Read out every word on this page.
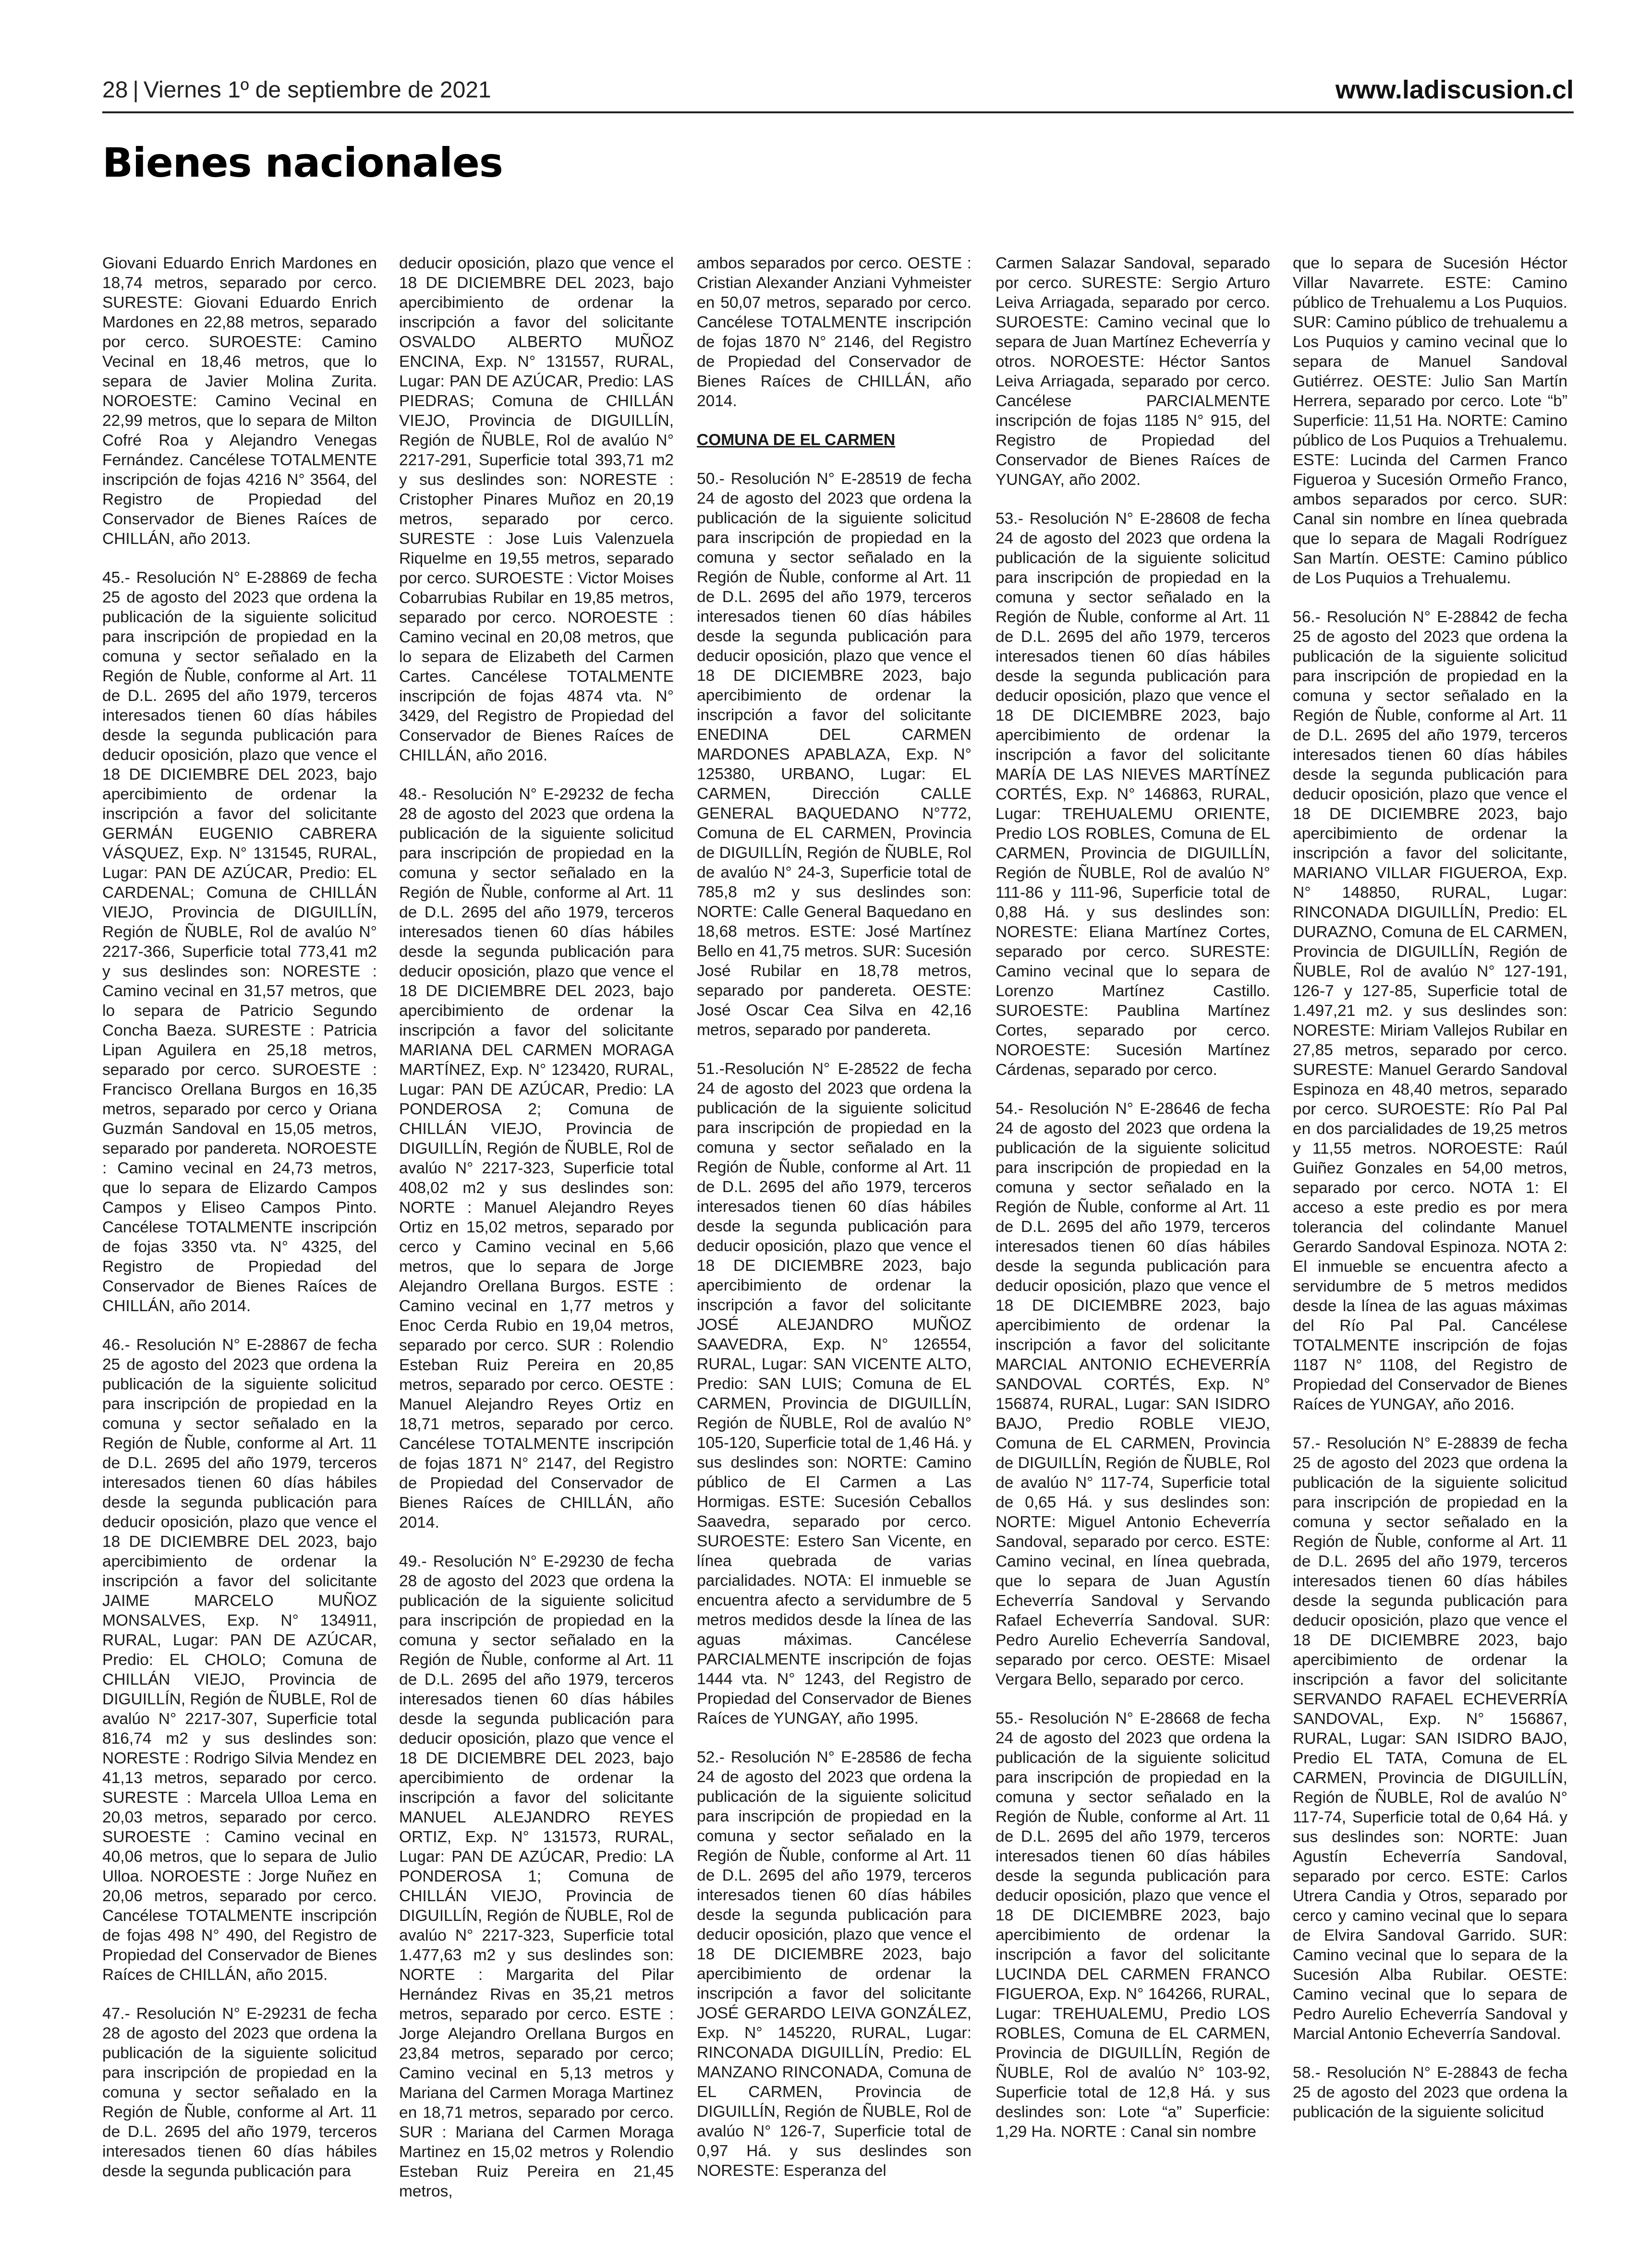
28 | Viernes 1º de septiembre de 2021	www.ladiscusion.cl
Bienes nacionales

Giovani Eduardo Enrich Mardones en 18,74 metros, separado por cerco. SURESTE: Giovani Eduardo Enrich Mardones en 22,88 metros, separado por cerco. SUROESTE: Camino Vecinal en 18,46 metros, que lo separa de Javier Molina Zurita. NOROESTE: Camino Vecinal en 22,99 metros, que lo separa de Milton Cofré Roa y Alejandro Venegas Fernández. Cancélese TOTALMENTE inscripción de fojas 4216 N° 3564, del Registro de Propiedad del Conservador de Bienes Raíces de CHILLÁN, año 2013.

45.- Resolución N° E-28869 de fecha 25 de agosto del 2023 que ordena la publicación de la siguiente solicitud para inscripción de propiedad en la comuna y sector señalado en la Región de Ñuble, conforme al Art. 11 de D.L. 2695 del año 1979, terceros interesados tienen 60 días hábiles desde la segunda publicación para deducir oposición, plazo que vence el 18 DE DICIEMBRE DEL 2023, bajo apercibimiento de ordenar la inscripción a favor del solicitante GERMÁN EUGENIO CABRERA VÁSQUEZ, Exp. N° 131545, RURAL, Lugar: PAN DE AZÚCAR, Predio: EL CARDENAL; Comuna de CHILLÁN VIEJO, Provincia de DIGUILLÍN, Región de ÑUBLE, Rol de avalúo N° 2217-366, Superficie total 773,41 m2 y sus deslindes son: NORESTE : Camino vecinal en 31,57 metros, que lo separa de Patricio Segundo Concha Baeza. SURESTE : Patricia Lipan Aguilera en 25,18 metros, separado por cerco. SUROESTE : Francisco Orellana Burgos en 16,35 metros, separado por cerco y Oriana Guzmán Sandoval en 15,05 metros, separado por pandereta. NOROESTE : Camino vecinal en 24,73 metros, que lo separa de Elizardo Campos Campos y Eliseo Campos Pinto. Cancélese TOTALMENTE inscripción de fojas 3350 vta. N° 4325, del Registro de Propiedad del Conservador de Bienes Raíces de CHILLÁN, año 2014.

46.- Resolución N° E-28867 de fecha 25 de agosto del 2023 que ordena la publicación de la siguiente solicitud para inscripción de propiedad en la comuna y sector señalado en la Región de Ñuble, conforme al Art. 11 de D.L. 2695 del año 1979, terceros interesados tienen 60 días hábiles desde la segunda publicación para deducir oposición, plazo que vence el 18 DE DICIEMBRE DEL 2023, bajo apercibimiento de ordenar la inscripción a favor del solicitante JAIME MARCELO MUÑOZ MONSALVES, Exp. N° 134911, RURAL, Lugar: PAN DE AZÚCAR, Predio: EL CHOLO; Comuna de CHILLÁN VIEJO, Provincia de DIGUILLÍN, Región de ÑUBLE, Rol de avalúo N° 2217-307, Superficie total 816,74 m2 y sus deslindes son: NORESTE : Rodrigo Silvia Mendez en 41,13 metros, separado por cerco. SURESTE : Marcela Ulloa Lema en 20,03 metros, separado por cerco. SUROESTE : Camino vecinal en 40,06 metros, que lo separa de Julio Ulloa. NOROESTE : Jorge Nuñez en 20,06 metros, separado por cerco. Cancélese TOTALMENTE inscripción de fojas 498 N° 490, del Registro de Propiedad del Conservador de Bienes Raíces de CHILLÁN, año 2015.

47.- Resolución N° E-29231 de fecha 28 de agosto del 2023 que ordena la publicación de la siguiente solicitud para inscripción de propiedad en la comuna y sector señalado en la Región de Ñuble, conforme al Art. 11 de D.L. 2695 del año 1979, terceros interesados tienen 60 días hábiles desde la segunda publicación para

deducir oposición, plazo que vence el 18 DE DICIEMBRE DEL 2023, bajo apercibimiento de ordenar la inscripción a favor del solicitante OSVALDO ALBERTO MUÑOZ ENCINA, Exp. N° 131557, RURAL, Lugar: PAN DE AZÚCAR, Predio: LAS PIEDRAS; Comuna de CHILLÁN VIEJO, Provincia de DIGUILLÍN, Región de ÑUBLE, Rol de avalúo N° 2217-291, Superficie total 393,71 m2 y sus deslindes son: NORESTE : Cristopher Pinares Muñoz en 20,19 metros, separado por cerco. SURESTE : Jose Luis Valenzuela Riquelme en 19,55 metros, separado por cerco. SUROESTE : Victor Moises Cobarrubias Rubilar en 19,85 metros, separado por cerco. NOROESTE : Camino vecinal en 20,08 metros, que lo separa de Elizabeth del Carmen Cartes. Cancélese TOTALMENTE inscripción de fojas 4874 vta. N° 3429, del Registro de Propiedad del Conservador de Bienes Raíces de CHILLÁN, año 2016.

48.- Resolución N° E-29232 de fecha 28 de agosto del 2023 que ordena la publicación de la siguiente solicitud para inscripción de propiedad en la comuna y sector señalado en la Región de Ñuble, conforme al Art. 11 de D.L. 2695 del año 1979, terceros interesados tienen 60 días hábiles desde la segunda publicación para deducir oposición, plazo que vence el 18 DE DICIEMBRE DEL 2023, bajo apercibimiento de ordenar la inscripción a favor del solicitante MARIANA DEL CARMEN MORAGA MARTÍNEZ, Exp. N° 123420, RURAL, Lugar: PAN DE AZÚCAR, Predio: LA PONDEROSA 2; Comuna de CHILLÁN VIEJO, Provincia de DIGUILLÍN, Región de ÑUBLE, Rol de avalúo N° 2217-323, Superficie total 408,02 m2 y sus deslindes son: NORTE : Manuel Alejandro Reyes Ortiz en 15,02 metros, separado por cerco y Camino vecinal en 5,66 metros, que lo separa de Jorge Alejandro Orellana Burgos. ESTE : Camino vecinal en 1,77 metros y Enoc Cerda Rubio en 19,04 metros, separado por cerco. SUR : Rolendio Esteban Ruiz Pereira en 20,85 metros, separado por cerco. OESTE : Manuel Alejandro Reyes Ortiz en 18,71 metros, separado por cerco. Cancélese TOTALMENTE inscripción de fojas 1871 N° 2147, del Registro de Propiedad del Conservador de Bienes Raíces de CHILLÁN, año 2014.

49.- Resolución N° E-29230 de fecha 28 de agosto del 2023 que ordena la publicación de la siguiente solicitud para inscripción de propiedad en la comuna y sector señalado en la Región de Ñuble, conforme al Art. 11 de D.L. 2695 del año 1979, terceros interesados tienen 60 días hábiles desde la segunda publicación para deducir oposición, plazo que vence el 18 DE DICIEMBRE DEL 2023, bajo apercibimiento de ordenar la inscripción a favor del solicitante MANUEL ALEJANDRO REYES ORTIZ, Exp. N° 131573, RURAL, Lugar: PAN DE AZÚCAR, Predio: LA PONDEROSA 1; Comuna de CHILLÁN VIEJO, Provincia de DIGUILLÍN, Región de ÑUBLE, Rol de avalúo N° 2217-323, Superficie total 1.477,63 m2 y sus deslindes son: NORTE : Margarita del Pilar Hernández Rivas en 35,21 metros metros, separado por cerco. ESTE : Jorge Alejandro Orellana Burgos en 23,84 metros, separado por cerco; Camino vecinal en 5,13 metros y Mariana del Carmen Moraga Martinez en 18,71 metros, separado por cerco. SUR : Mariana del Carmen Moraga Martinez en 15,02 metros y Rolendio Esteban Ruiz Pereira en 21,45 metros,

ambos separados por cerco. OESTE : Cristian Alexander Anziani Vyhmeister en 50,07 metros, separado por cerco. Cancélese TOTALMENTE inscripción de fojas 1870 N° 2146, del Registro de Propiedad del Conservador de Bienes Raíces de CHILLÁN, año 2014.

COMUNA DE EL CARMEN

50.- Resolución N° E-28519 de fecha 24 de agosto del 2023 que ordena la publicación de la siguiente solicitud para inscripción de propiedad en la comuna y sector señalado en la Región de Ñuble, conforme al Art. 11 de D.L. 2695 del año 1979, terceros interesados tienen 60 días hábiles desde la segunda publicación para deducir oposición, plazo que vence el 18 DE DICIEMBRE 2023, bajo apercibimiento de ordenar la inscripción a favor del solicitante ENEDINA DEL CARMEN MARDONES APABLAZA, Exp. N° 125380, URBANO, Lugar: EL CARMEN, Dirección CALLE GENERAL BAQUEDANO N°772, Comuna de EL CARMEN, Provincia de DIGUILLÍN, Región de ÑUBLE, Rol de avalúo N° 24-3, Superficie total de 785,8 m2 y sus deslindes son: NORTE: Calle General Baquedano en 18,68 metros. ESTE: José Martínez Bello en 41,75 metros. SUR: Sucesión José Rubilar en 18,78 metros, separado por pandereta. OESTE: José Oscar Cea Silva en 42,16 metros, separado por pandereta.

51.-Resolución N° E-28522 de fecha 24 de agosto del 2023 que ordena la publicación de la siguiente solicitud para inscripción de propiedad en la comuna y sector señalado en la Región de Ñuble, conforme al Art. 11 de D.L. 2695 del año 1979, terceros interesados tienen 60 días hábiles desde la segunda publicación para deducir oposición, plazo que vence el 18 DE DICIEMBRE 2023, bajo apercibimiento de ordenar la inscripción a favor del solicitante JOSÉ ALEJANDRO MUÑOZ SAAVEDRA, Exp. N° 126554, RURAL, Lugar: SAN VICENTE ALTO, Predio: SAN LUIS; Comuna de EL CARMEN, Provincia de DIGUILLÍN, Región de ÑUBLE, Rol de avalúo N° 105-120, Superficie total de 1,46 Há. y sus deslindes son: NORTE: Camino público de El Carmen a Las Hormigas. ESTE: Sucesión Ceballos Saavedra, separado por cerco. SUROESTE: Estero San Vicente, en línea quebrada de varias parcialidades. NOTA: El inmueble se encuentra afecto a servidumbre de 5 metros medidos desde la línea de las aguas máximas. Cancélese PARCIALMENTE inscripción de fojas 1444 vta. N° 1243, del Registro de Propiedad del Conservador de Bienes Raíces de YUNGAY, año 1995.

52.- Resolución N° E-28586 de fecha 24 de agosto del 2023 que ordena la publicación de la siguiente solicitud para inscripción de propiedad en la comuna y sector señalado en la Región de Ñuble, conforme al Art. 11 de D.L. 2695 del año 1979, terceros interesados tienen 60 días hábiles desde la segunda publicación para deducir oposición, plazo que vence el 18 DE DICIEMBRE 2023, bajo apercibimiento de ordenar la inscripción a favor del solicitante JOSÉ GERARDO LEIVA GONZÁLEZ, Exp. N° 145220, RURAL, Lugar: RINCONADA DIGUILLÍN, Predio: EL MANZANO RINCONADA, Comuna de EL CARMEN, Provincia de DIGUILLÍN, Región de ÑUBLE, Rol de avalúo N° 126-7, Superficie total de 0,97 Há. y sus deslindes son NORESTE: Esperanza del

Carmen Salazar Sandoval, separado por cerco. SURESTE: Sergio Arturo Leiva Arriagada, separado por cerco. SUROESTE: Camino vecinal que lo separa de Juan Martínez Echeverría y otros. NOROESTE: Héctor Santos Leiva Arriagada, separado por cerco. Cancélese PARCIALMENTE inscripción de fojas 1185 N° 915, del Registro de Propiedad del Conservador de Bienes Raíces de YUNGAY, año 2002.

53.- Resolución N° E-28608 de fecha 24 de agosto del 2023 que ordena la publicación de la siguiente solicitud para inscripción de propiedad en la comuna y sector señalado en la Región de Ñuble, conforme al Art. 11 de D.L. 2695 del año 1979, terceros interesados tienen 60 días hábiles desde la segunda publicación para deducir oposición, plazo que vence el 18 DE DICIEMBRE 2023, bajo apercibimiento de ordenar la inscripción a favor del solicitante MARÍA DE LAS NIEVES MARTÍNEZ CORTÉS, Exp. N° 146863, RURAL, Lugar: TREHUALEMU ORIENTE, Predio LOS ROBLES, Comuna de EL CARMEN, Provincia de DIGUILLÍN, Región de ÑUBLE, Rol de avalúo N° 111-86 y 111-96, Superficie total de 0,88 Há. y sus deslindes son: NORESTE: Eliana Martínez Cortes, separado por cerco. SURESTE: Camino vecinal que lo separa de Lorenzo Martínez Castillo. SUROESTE: Paublina Martínez Cortes, separado por cerco. NOROESTE: Sucesión Martínez Cárdenas, separado por cerco.

54.- Resolución N° E-28646 de fecha 24 de agosto del 2023 que ordena la publicación de la siguiente solicitud para inscripción de propiedad en la comuna y sector señalado en la Región de Ñuble, conforme al Art. 11 de D.L. 2695 del año 1979, terceros interesados tienen 60 días hábiles desde la segunda publicación para deducir oposición, plazo que vence el 18 DE DICIEMBRE 2023, bajo apercibimiento de ordenar la inscripción a favor del solicitante MARCIAL ANTONIO ECHEVERRÍA SANDOVAL CORTÉS, Exp. N° 156874, RURAL, Lugar: SAN ISIDRO BAJO, Predio ROBLE VIEJO, Comuna de EL CARMEN, Provincia de DIGUILLÍN, Región de ÑUBLE, Rol de avalúo N° 117-74, Superficie total de 0,65 Há. y sus deslindes son: NORTE: Miguel Antonio Echeverría Sandoval, separado por cerco. ESTE: Camino vecinal, en línea quebrada, que lo separa de Juan Agustín Echeverría Sandoval y Servando Rafael Echeverría Sandoval. SUR: Pedro Aurelio Echeverría Sandoval, separado por cerco. OESTE: Misael Vergara Bello, separado por cerco.

55.- Resolución N° E-28668 de fecha 24 de agosto del 2023 que ordena la publicación de la siguiente solicitud para inscripción de propiedad en la comuna y sector señalado en la Región de Ñuble, conforme al Art. 11 de D.L. 2695 del año 1979, terceros interesados tienen 60 días hábiles desde la segunda publicación para deducir oposición, plazo que vence el 18 DE DICIEMBRE 2023, bajo apercibimiento de ordenar la inscripción a favor del solicitante LUCINDA DEL CARMEN FRANCO FIGUEROA, Exp. N° 164266, RURAL, Lugar: TREHUALEMU, Predio LOS ROBLES, Comuna de EL CARMEN, Provincia de DIGUILLÍN, Región de ÑUBLE, Rol de avalúo N° 103-92, Superficie total de 12,8 Há. y sus deslindes son: Lote “a” Superficie: 1,29 Ha. NORTE : Canal sin nombre

que lo separa de Sucesión Héctor Villar Navarrete. ESTE: Camino público de Trehualemu a Los Puquios. SUR: Camino público de trehualemu a Los Puquios y camino vecinal que lo separa de Manuel Sandoval Gutiérrez. OESTE: Julio San Martín Herrera, separado por cerco. Lote “b” Superficie: 11,51 Ha. NORTE: Camino público de Los Puquios a Trehualemu. ESTE: Lucinda del Carmen Franco Figueroa y Sucesión Ormeño Franco, ambos separados por cerco. SUR: Canal sin nombre en línea quebrada que lo separa de Magali Rodríguez San Martín. OESTE: Camino público de Los Puquios a Trehualemu.

56.- Resolución N° E-28842 de fecha 25 de agosto del 2023 que ordena la publicación de la siguiente solicitud para inscripción de propiedad en la comuna y sector señalado en la Región de Ñuble, conforme al Art. 11 de D.L. 2695 del año 1979, terceros interesados tienen 60 días hábiles desde la segunda publicación para deducir oposición, plazo que vence el 18 DE DICIEMBRE 2023, bajo apercibimiento de ordenar la inscripción a favor del solicitante, MARIANO VILLAR FIGUEROA, Exp. N° 148850, RURAL, Lugar: RINCONADA DIGUILLÍN, Predio: EL DURAZNO, Comuna de EL CARMEN, Provincia de DIGUILLÍN, Región de ÑUBLE, Rol de avalúo N° 127-191, 126-7 y 127-85, Superficie total de 1.497,21 m2. y sus deslindes son: NORESTE: Miriam Vallejos Rubilar en 27,85 metros, separado por cerco. SURESTE: Manuel Gerardo Sandoval Espinoza en 48,40 metros, separado por cerco. SUROESTE: Río Pal Pal en dos parcialidades de 19,25 metros y 11,55 metros. NOROESTE: Raúl Guiñez Gonzales en 54,00 metros, separado por cerco. NOTA 1: El acceso a este predio es por mera tolerancia del colindante Manuel Gerardo Sandoval Espinoza. NOTA 2: El inmueble se encuentra afecto a servidumbre de 5 metros medidos desde la línea de las aguas máximas del Río Pal Pal. Cancélese TOTALMENTE inscripción de fojas 1187 N° 1108, del Registro de Propiedad del Conservador de Bienes Raíces de YUNGAY, año 2016.

57.- Resolución N° E-28839 de fecha 25 de agosto del 2023 que ordena la publicación de la siguiente solicitud para inscripción de propiedad en la comuna y sector señalado en la Región de Ñuble, conforme al Art. 11 de D.L. 2695 del año 1979, terceros interesados tienen 60 días hábiles desde la segunda publicación para deducir oposición, plazo que vence el 18 DE DICIEMBRE 2023, bajo apercibimiento de ordenar la inscripción a favor del solicitante SERVANDO RAFAEL ECHEVERRÍA SANDOVAL, Exp. N° 156867, RURAL, Lugar: SAN ISIDRO BAJO, Predio EL TATA, Comuna de EL CARMEN, Provincia de DIGUILLÍN, Región de ÑUBLE, Rol de avalúo N° 117-74, Superficie total de 0,64 Há. y sus deslindes son: NORTE: Juan Agustín Echeverría Sandoval, separado por cerco. ESTE: Carlos Utrera Candia y Otros, separado por cerco y camino vecinal que lo separa de Elvira Sandoval Garrido. SUR: Camino vecinal que lo separa de la Sucesión Alba Rubilar. OESTE: Camino vecinal que lo separa de Pedro Aurelio Echeverría Sandoval y Marcial Antonio Echeverría Sandoval.

58.- Resolución N° E-28843 de fecha 25 de agosto del 2023 que ordena la publicación de la siguiente solicitud
